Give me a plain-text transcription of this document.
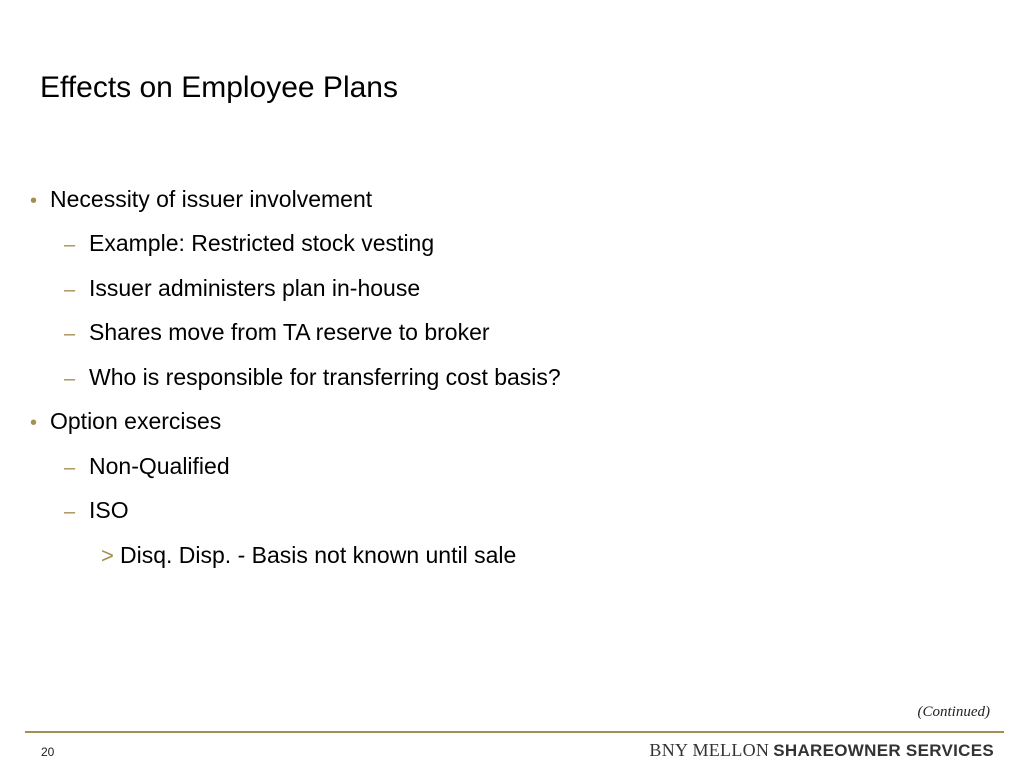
Effects on Employee Plans
• Necessity of issuer involvement
– Example: Restricted stock vesting
– Issuer administers plan in-house
– Shares move from TA reserve to broker
– Who is responsible for transferring cost basis?
• Option exercises
– Non-Qualified
– ISO
> Disq. Disp. - Basis not known until sale
(Continued)
20	BNY MELLON SHAREOWNER SERVICES
